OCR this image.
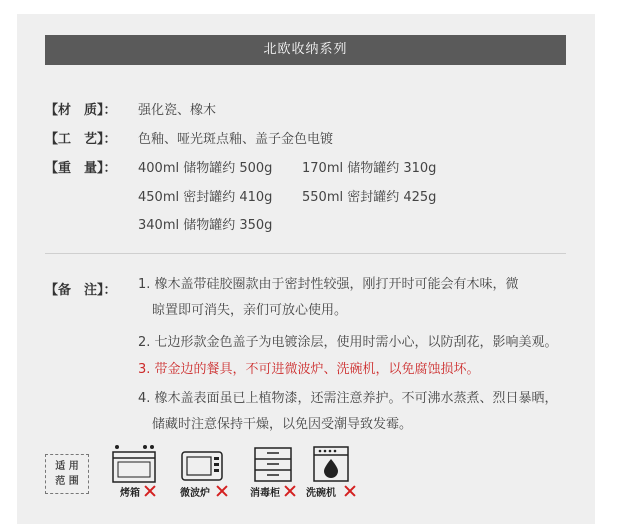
北欧收纳系列
【材　质】：	强化瓷、橡木
【工　艺】：	色釉、哑光斑点釉、盖子金色电镀
【重　量】：	400ml 储物罐约 500g 170ml 储物罐约 310g
450ml 密封罐约 410g 550ml 密封罐约 425g
340ml 储物罐约 350g
【备　注】： 1. 橡木盖带硅胶圈款由于密封性较强，刚打开时可能会有木味，微
晾置即可消失，亲们可放心使用。
2. 七边形款金色盖子为电镀涂层，使用时需小心，以防刮花，影响美观。
3. 带金边的餐具，不可进微波炉、洗碗机，以免腐蚀损坏。
4. 橡木盖表面虽已上植物漆，还需注意养护。不可沸水蒸煮、烈日暴晒，
储藏时注意保持干燥，以免因受潮导致发霉。
适 用
范 围
烤箱	微波炉	消毒柜	洗碗机
